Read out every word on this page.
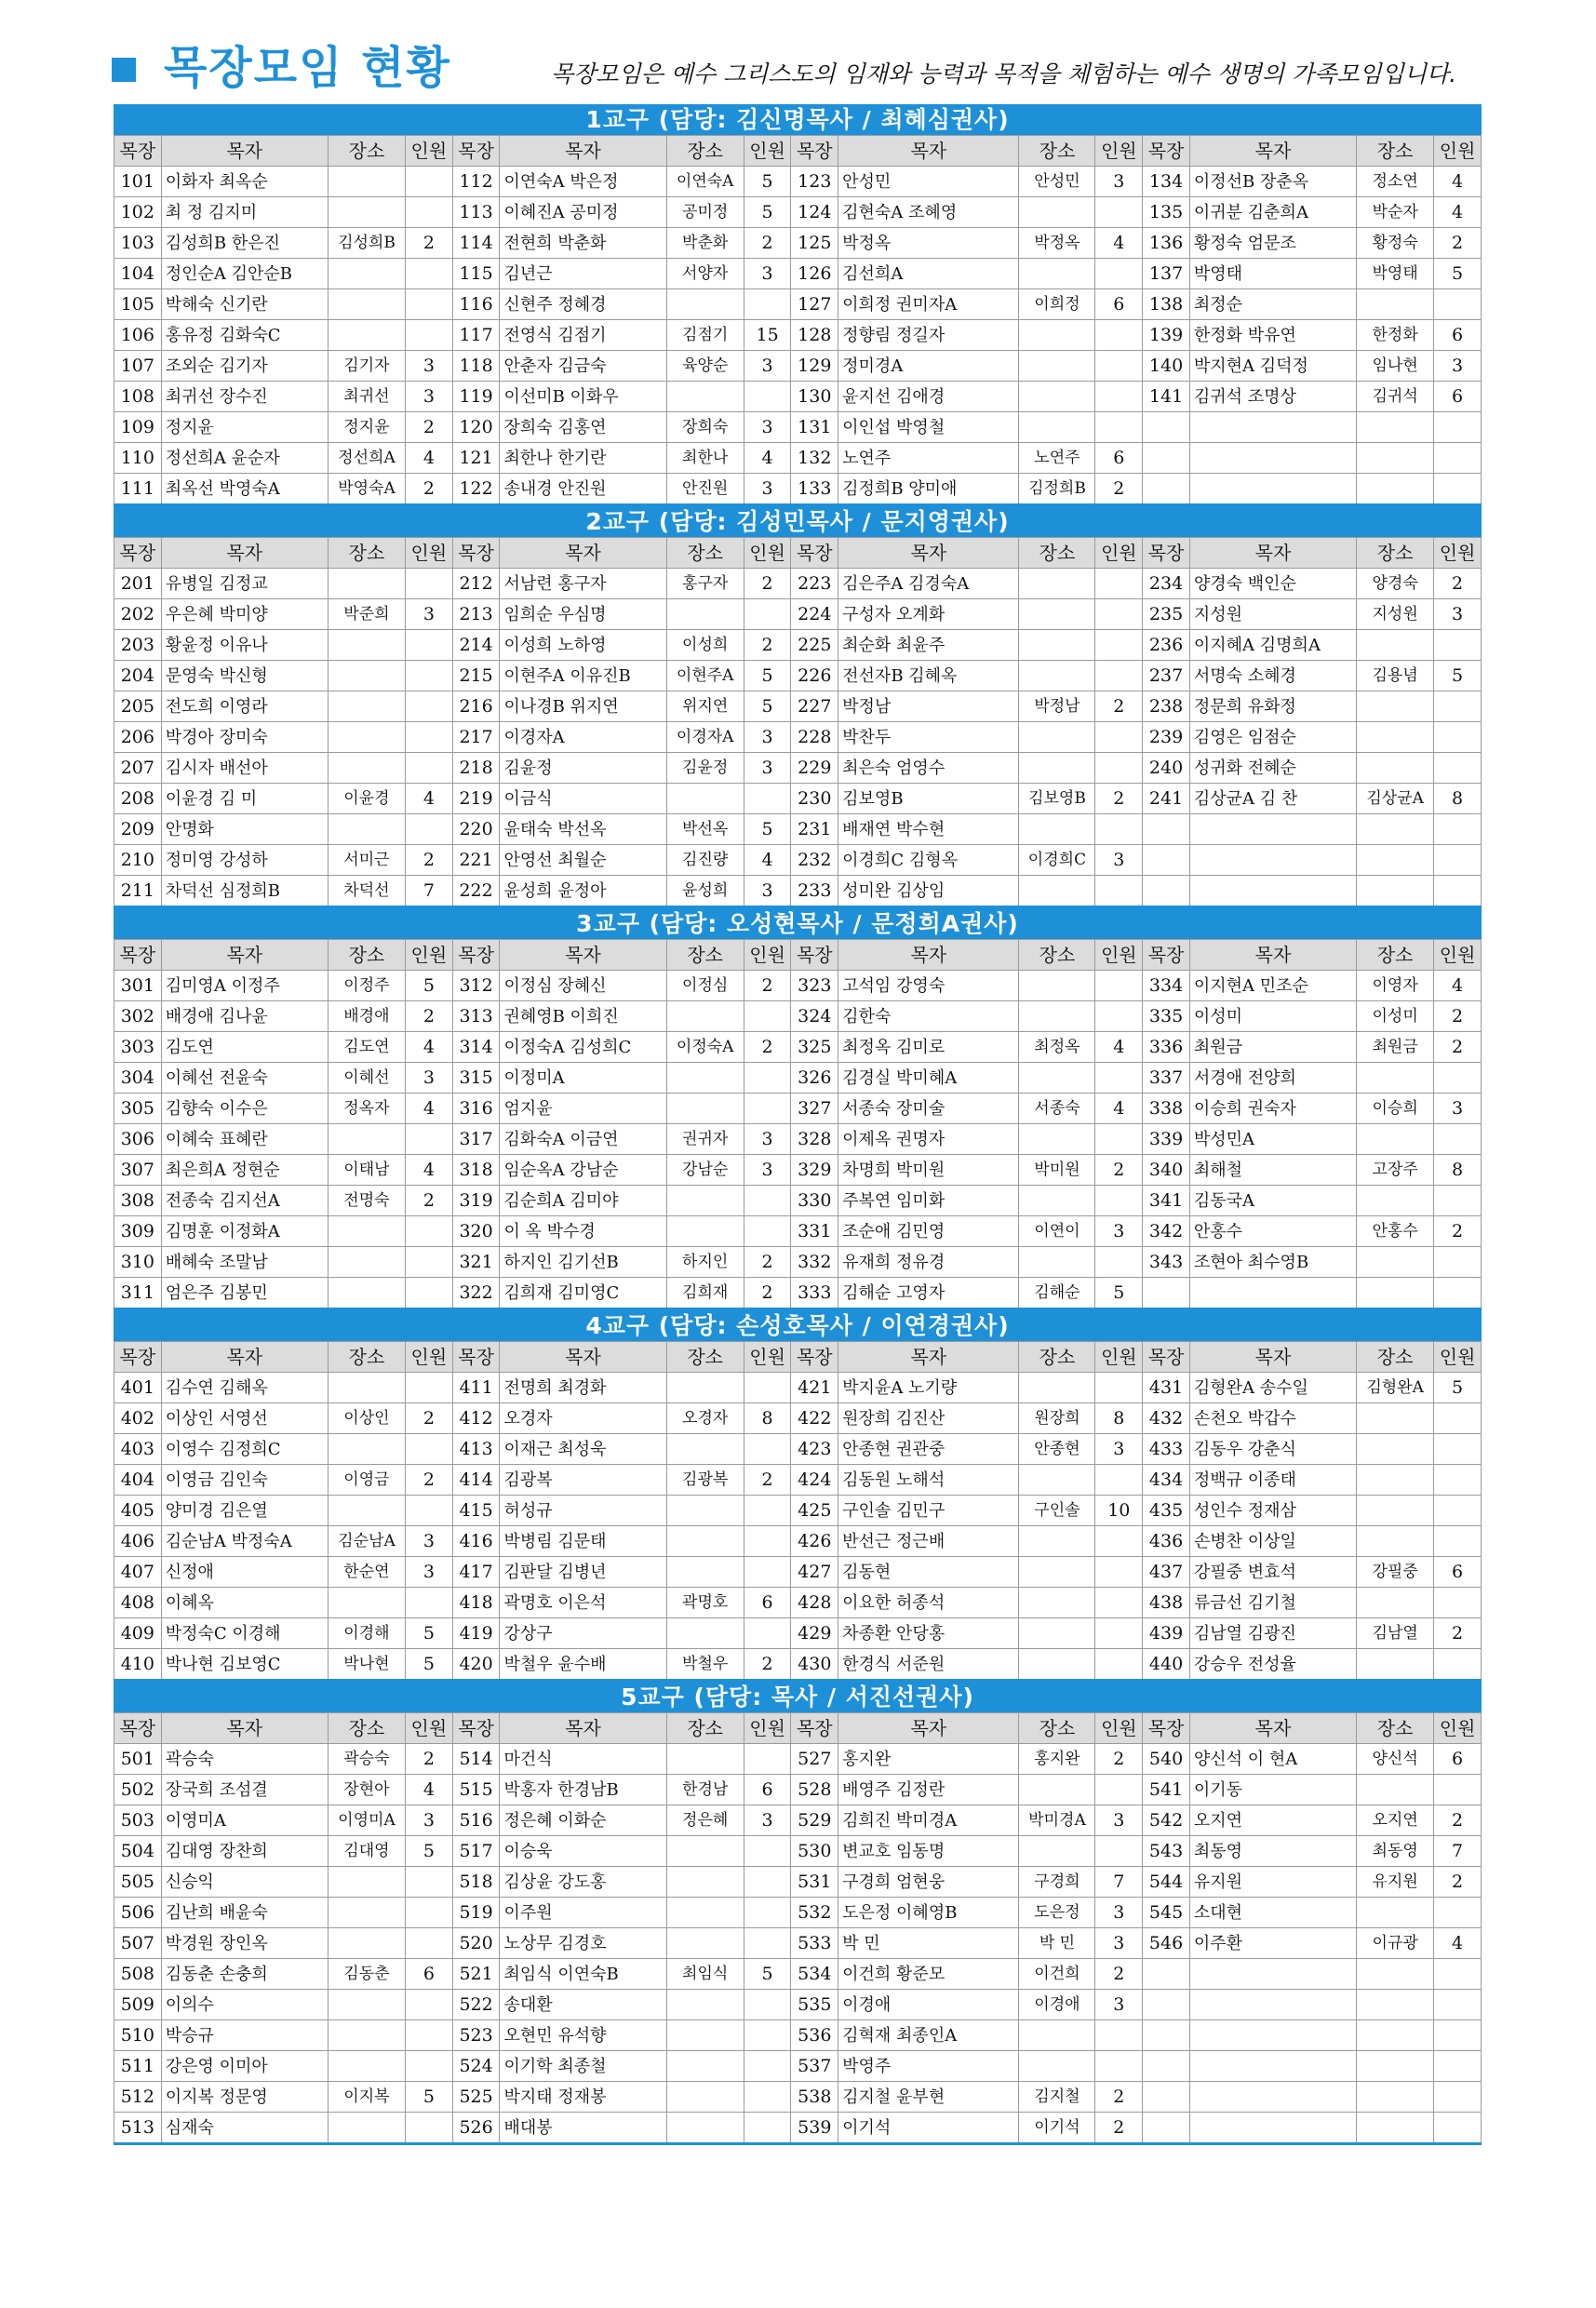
목장모임 현황	목장모임은 예수 그리스도의 임재와 능력과 목적을 체험하는 예수 생명의 가족모임입니다.
1교구 (담당: 김신명목사 / 최혜심권사)
목장	목자	장소	인원	목장	목자	장소	인원	목장	목자	장소	인원	목장	목자	장소	인원
101	이화자 최옥순			112	이연숙A 박은정	이연숙A	5	123	안성민	안성민	3	134	이정선B 장춘옥	정소연	4
102	최 정 김지미			113	이혜진A 공미정	공미정	5	124	김현숙A 조혜영			135	이귀분 김춘희A	박순자	4
103	김성희B 한은진	김성희B	2	114	전현희 박춘화	박춘화	2	125	박정옥	박정옥	4	136	황정숙 엄문조	황정숙	2
104	정인순A 김안순B			115	김년근	서양자	3	126	김선희A			137	박영태	박영태	5
105	박해숙 신기란			116	신현주 정혜경			127	이희정 권미자A	이희정	6	138	최정순		
106	홍유정 김화숙C			117	전영식 김점기	김점기	15	128	정향림 정길자			139	한정화 박유연	한정화	6
107	조외순 김기자	김기자	3	118	안춘자 김금숙	육양순	3	129	정미경A			140	박지현A 김덕정	임나현	3
108	최귀선 장수진	최귀선	3	119	이선미B 이화우			130	윤지선 김애경			141	김귀석 조명상	김귀석	6
109	정지윤	정지윤	2	120	장희숙 김홍연	장희숙	3	131	이인섭 박영철						
110	정선희A 윤순자	정선희A	4	121	최한나 한기란	최한나	4	132	노연주	노연주	6				
111	최옥선 박영숙A	박영숙A	2	122	송내경 안진원	안진원	3	133	김정희B 양미애	김정희B	2				
2교구 (담당: 김성민목사 / 문지영권사)
목장	목자	장소	인원	목장	목자	장소	인원	목장	목자	장소	인원	목장	목자	장소	인원
201	유병일 김정교			212	서남련 홍구자	홍구자	2	223	김은주A 김경숙A			234	양경숙 백인순	양경숙	2
202	우은혜 박미양	박준희	3	213	임희순 우심명			224	구성자 오계화			235	지성원	지성원	3
203	황윤정 이유나			214	이성희 노하영	이성희	2	225	최순화 최윤주			236	이지혜A 김명희A		
204	문영숙 박신형			215	이현주A 이유진B	이현주A	5	226	전선자B 김혜옥			237	서명숙 소혜경	김용념	5
205	전도희 이영라			216	이나경B 위지연	위지연	5	227	박정남	박정남	2	238	정문희 유화정		
206	박경아 장미숙			217	이경자A	이경자A	3	228	박찬두			239	김영은 임점순		
207	김시자 배선아			218	김윤정	김윤정	3	229	최은숙 엄영수			240	성귀화 전혜순		
208	이윤경 김 미	이윤경	4	219	이금식			230	김보영B	김보영B	2	241	김상균A 김 찬	김상균A	8
209	안명화			220	윤태숙 박선옥	박선옥	5	231	배재연 박수현						
210	정미영 강성하	서미근	2	221	안영선 최월순	김진량	4	232	이경희C 김형옥	이경희C	3				
211	차덕선 심정희B	차덕선	7	222	윤성희 윤정아	윤성희	3	233	성미완 김상임						
3교구 (담당: 오성현목사 / 문정희A권사)
목장	목자	장소	인원	목장	목자	장소	인원	목장	목자	장소	인원	목장	목자	장소	인원
301	김미영A 이정주	이정주	5	312	이정심 장혜신	이정심	2	323	고석임 강영숙			334	이지현A 민조순	이영자	4
302	배경애 김나윤	배경애	2	313	권혜영B 이희진			324	김한숙			335	이성미	이성미	2
303	김도연	김도연	4	314	이정숙A 김성희C	이정숙A	2	325	최정옥 김미로	최정옥	4	336	최원금	최원금	2
304	이혜선 전윤숙	이혜선	3	315	이정미A			326	김경실 박미혜A			337	서경애 전양희		
305	김향숙 이수은	정옥자	4	316	엄지윤			327	서종숙 장미술	서종숙	4	338	이승희 권숙자	이승희	3
306	이혜숙 표혜란			317	김화숙A 이금연	권귀자	3	328	이제옥 권명자			339	박성민A		
307	최은희A 정현순	이태남	4	318	임순옥A 강남순	강남순	3	329	차명희 박미원	박미원	2	340	최해철	고장주	8
308	전종숙 김지선A	전명숙	2	319	김순희A 김미야			330	주복연 임미화			341	김동국A		
309	김명훈 이정화A			320	이 옥 박수경			331	조순애 김민영	이연이	3	342	안홍수	안홍수	2
310	배혜숙 조말남			321	하지인 김기선B	하지인	2	332	유재희 정유경			343	조현아 최수영B		
311	엄은주 김봉민			322	김희재 김미영C	김희재	2	333	김해순 고영자	김해순	5				
4교구 (담당: 손성호목사 / 이연경권사)
목장	목자	장소	인원	목장	목자	장소	인원	목장	목자	장소	인원	목장	목자	장소	인원
401	김수연 김해옥			411	전명희 최경화			421	박지윤A 노기량			431	김형완A 송수일	김형완A	5
402	이상인 서영선	이상인	2	412	오경자	오경자	8	422	원장희 김진산	원장희	8	432	손천오 박갑수		
403	이영수 김정희C			413	이재근 최성욱			423	안종현 권관중	안종현	3	433	김동우 강춘식		
404	이영금 김인숙	이영금	2	414	김광복	김광복	2	424	김동원 노해석			434	정백규 이종태		
405	양미경 김은열			415	허성규			425	구인솔 김민구	구인솔	10	435	성인수 정재삼		
406	김순남A 박정숙A	김순남A	3	416	박병림 김문태			426	반선근 정근배			436	손병찬 이상일		
407	신정애	한순연	3	417	김판달 김병년			427	김동현			437	강필중 변효석	강필중	6
408	이혜옥			418	곽명호 이은석	곽명호	6	428	이요한 허종석			438	류금선 김기철		
409	박정숙C 이경해	이경해	5	419	강상구			429	차종환 안당홍			439	김남열 김광진	김남열	2
410	박나현 김보영C	박나현	5	420	박철우 윤수배	박철우	2	430	한경식 서준원			440	강승우 전성율		
5교구 (담당: 목사 / 서진선권사)
목장	목자	장소	인원	목장	목자	장소	인원	목장	목자	장소	인원	목장	목자	장소	인원
501	곽승숙	곽승숙	2	514	마건식			527	홍지완	홍지완	2	540	양신석 이 현A	양신석	6
502	장국희 조섬결	장현아	4	515	박홍자 한경남B	한경남	6	528	배영주 김정란			541	이기동		
503	이영미A	이영미A	3	516	정은혜 이화순	정은혜	3	529	김희진 박미경A	박미경A	3	542	오지연	오지연	2
504	김대영 장찬희	김대영	5	517	이승욱			530	변교호 임동명			543	최동영	최동영	7
505	신승익			518	김상윤 강도홍			531	구경희 엄현웅	구경희	7	544	유지원	유지원	2
506	김난희 배윤숙			519	이주원			532	도은정 이혜영B	도은정	3	545	소대현		
507	박경원 장인옥			520	노상무 김경호			533	박 민	박 민	3	546	이주환	이규광	4
508	김동춘 손충희	김동춘	6	521	최임식 이연숙B	최임식	5	534	이건희 황준모	이건희	2				
509	이의수			522	송대환			535	이경애	이경애	3				
510	박승규			523	오현민 유석향			536	김혁재 최종인A						
511	강은영 이미아			524	이기학 최종철			537	박영주						
512	이지복 정문영	이지복	5	525	박지태 정재봉			538	김지철 윤부현	김지철	2				
513	심재숙			526	배대봉			539	이기석	이기석	2				
